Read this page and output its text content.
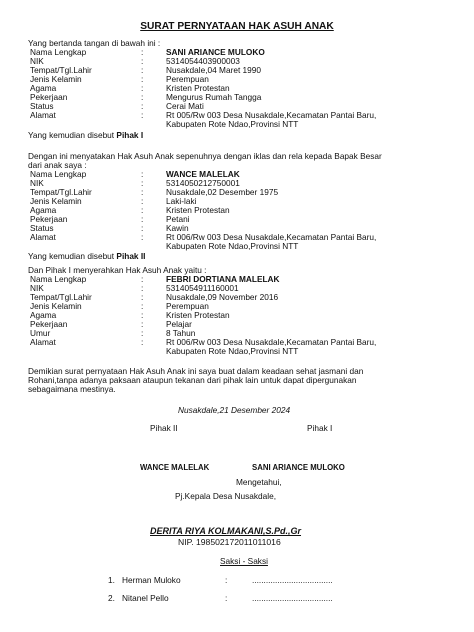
SURAT PERNYATAAN HAK ASUH ANAK
Yang bertanda tangan di bawah ini :
Nama Lengkap	:	SANI ARIANCE MULOKO
NIK	:	5314054403900003
Tempat/Tgl.Lahir	:	Nusakdale,04 Maret 1990
Jenis Kelamin	:	Perempuan
Agama	:	Kristen Protestan
Pekerjaan	:	Mengurus Rumah Tangga
Status	:	Cerai Mati
Alamat	:	Rt 005/Rw 003 Desa Nusakdale,Kecamatan Pantai Baru,
Kabupaten Rote Ndao,Provinsi NTT
Yang kemudian disebut Pihak I
Dengan ini menyatakan Hak Asuh Anak sepenuhnya dengan iklas dan rela kepada Bapak Besar
dari anak saya :
Nama Lengkap	:	WANCE MALELAK
NIK	:	5314050212750001
Tempat/Tgl.Lahir	:	Nusakdale,02 Desember 1975
Jenis Kelamin	:	Laki-laki
Agama	:	Kristen Protestan
Pekerjaan	:	Petani
Status	:	Kawin
Alamat	:	Rt 006/Rw 003 Desa Nusakdale,Kecamatan Pantai Baru,
Kabupaten Rote Ndao,Provinsi NTT
Yang kemudian disebut Pihak II
Dan Pihak I menyerahkan Hak Asuh Anak yaitu :
Nama Lengkap	:	FEBRI DORTIANA MALELAK
NIK	:	5314054911160001
Tempat/Tgl.Lahir	:	Nusakdale,09 November 2016
Jenis Kelamin	:	Perempuan
Agama	:	Kristen Protestan
Pekerjaan	:	Pelajar
Umur	:	8 Tahun
Alamat	:	Rt 006/Rw 003 Desa Nusakdale,Kecamatan Pantai Baru,
Kabupaten Rote Ndao,Provinsi NTT
Demikian surat pernyataan Hak Asuh Anak ini saya buat dalam keadaan sehat jasmani dan
Rohani,tanpa adanya paksaan ataupun tekanan dari pihak lain untuk dapat dipergunakan
sebagaimana mestinya.
Nusakdale,21 Desember 2024
Pihak II	Pihak I
WANCE MALELAK	SANI ARIANCE MULOKO
Mengetahui,
Pj.Kepala Desa Nusakdale,
DERITA RIYA KOLMAKANI,S.Pd.,Gr
NIP. 198502172011011016
Saksi - Saksi
1. Herman Muloko	:	...................................
2. Nitanel Pello	:	...................................
